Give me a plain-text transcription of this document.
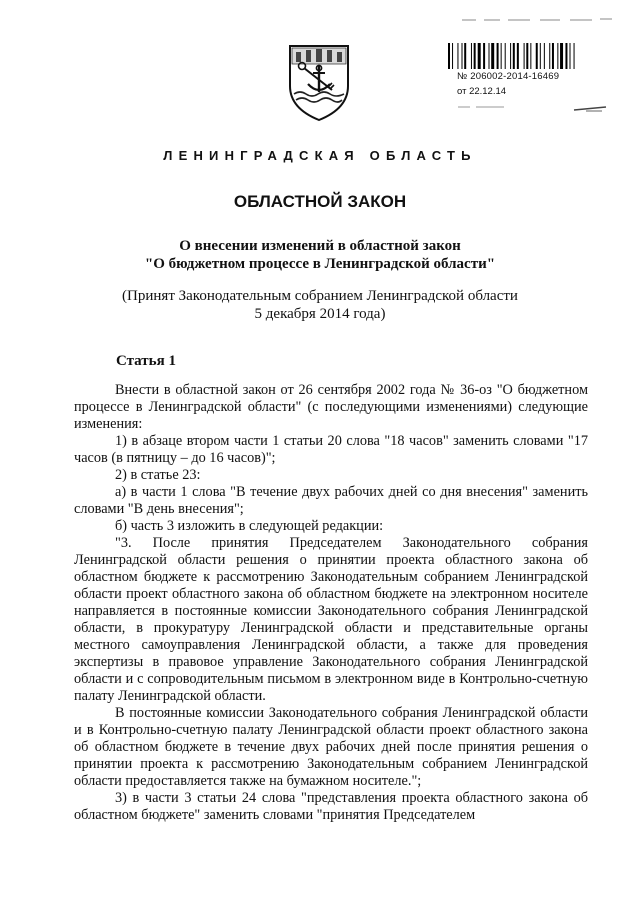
№ 206002-2014-16469
от 22.12.14
ЛЕНИНГРАДСКАЯ ОБЛАСТЬ
ОБЛАСТНОЙ ЗАКОН
О внесении изменений в областной закон
"О бюджетном процессе в Ленинградской области"
(Принят Законодательным собранием Ленинградской области
5 декабря 2014 года)
Статья 1

Внести в областной закон от 26 сентября 2002 года № 36-оз "О бюджетном процессе в Ленинградской области" (с последующими изменениями) следующие изменения:

1) в абзаце втором части 1 статьи 20 слова "18 часов" заменить словами "17 часов (в пятницу – до 16 часов)";

2) в статье 23:

а) в части 1 слова "В течение двух рабочих дней со дня внесения" заменить словами "В день внесения";

б) часть 3 изложить в следующей редакции:

"3. После принятия Председателем Законодательного собрания Ленинградской области решения о принятии проекта областного закона об областном бюджете к рассмотрению Законодательным собранием Ленинградской области проект областного закона об областном бюджете на электронном носителе направляется в постоянные комиссии Законодательного собрания Ленинградской области, в прокуратуру Ленинградской области и представительные органы местного самоуправления Ленинградской области, а также для проведения экспертизы в правовое управление Законодательного собрания Ленинградской области и с сопроводительным письмом в электронном виде в Контрольно-счетную палату Ленинградской области.

В постоянные комиссии Законодательного собрания Ленинградской области и в Контрольно-счетную палату Ленинградской области проект областного закона об областном бюджете в течение двух рабочих дней после принятия решения о принятии проекта к рассмотрению Законодательным собранием Ленинградской области предоставляется также на бумажном носителе.";

3) в части 3 статьи 24 слова "представления проекта областного закона об областном бюджете" заменить словами "принятия Председателем
